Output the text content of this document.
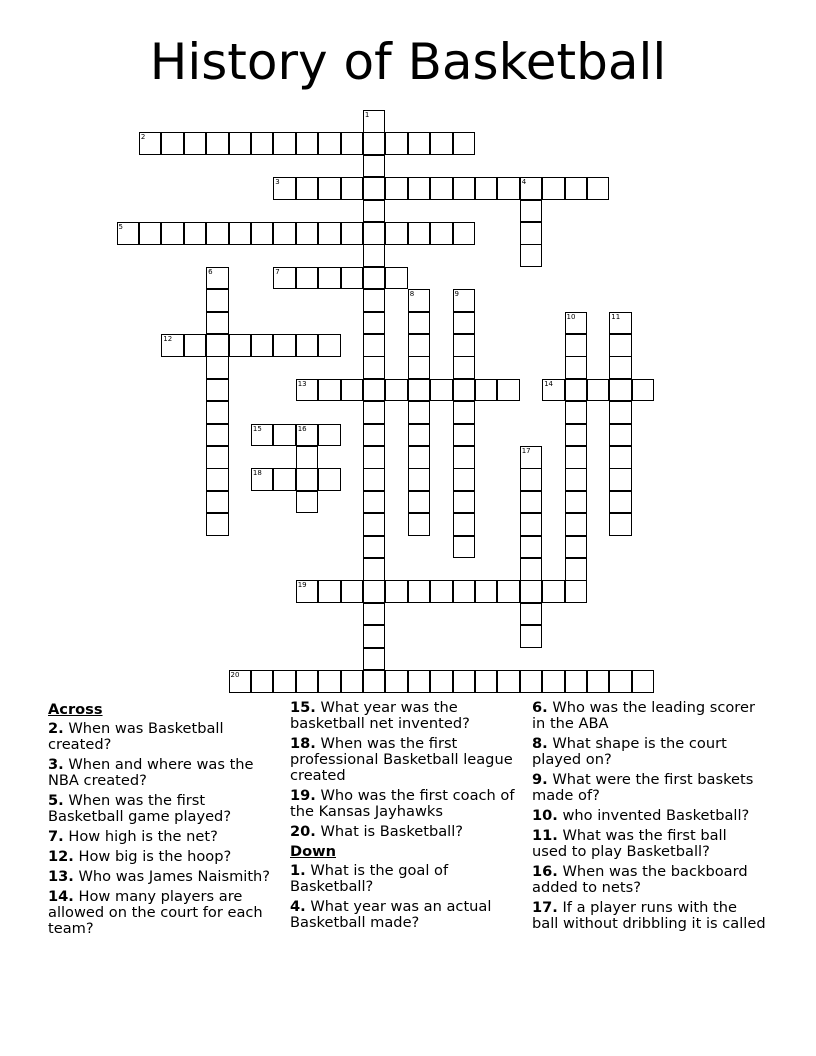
History of Basketball
1
2
3	4
5
6	7
8	9
10	11
12
13	14
15	16
17
18
19
20
Across
2. When was Basketball created?
3. When and where was the NBA created?
5. When was the first Basketball game played?
7. How high is the net?
12. How big is the hoop?
13. Who was James Naismith?
14. How many players are allowed on the court for each team?
15. What year was the basketball net invented?
18. When was the first professional Basketball league created
19. Who was the first coach of the Kansas Jayhawks
20. What is Basketball?
Down
1. What is the goal of Basketball?
4. What year was an actual Basketball made?
6. Who was the leading scorer in the ABA
8. What shape is the court played on?
9. What were the first baskets made of?
10. who invented Basketball?
11. What was the first ball used to play Basketball?
16. When was the backboard added to nets?
17. If a player runs with the ball without dribbling it is called
